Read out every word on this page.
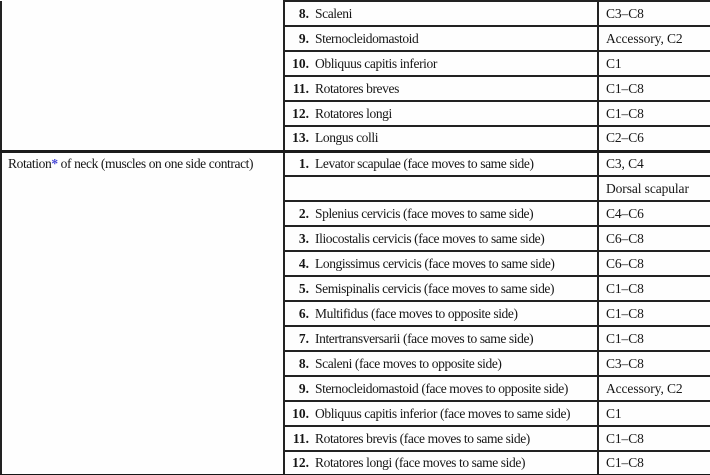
	8. Scaleni	C3–C8
	9. Sternocleidomastoid	Accessory, C2
	10. Obliquus capitis inferior	C1
	11. Rotatores breves	C1–C8
	12. Rotatores longi	C1–C8
	13. Longus colli	C2–C6
Rotation* of neck (muscles on one side contract)	1. Levator scapulae (face moves to same side)	C3, C4
		Dorsal scapular
	2. Splenius cervicis (face moves to same side)	C4–C6
	3. Iliocostalis cervicis (face moves to same side)	C6–C8
	4. Longissimus cervicis (face moves to same side)	C6–C8
	5. Semispinalis cervicis (face moves to same side)	C1–C8
	6. Multifidus (face moves to opposite side)	C1–C8
	7. Intertransversarii (face moves to same side)	C1–C8
	8. Scaleni (face moves to opposite side)	C3–C8
	9. Sternocleidomastoid (face moves to opposite side)	Accessory, C2
	10. Obliquus capitis inferior (face moves to same side)	C1
	11. Rotatores brevis (face moves to same side)	C1–C8
	12. Rotatores longi (face moves to same side)	C1–C8
